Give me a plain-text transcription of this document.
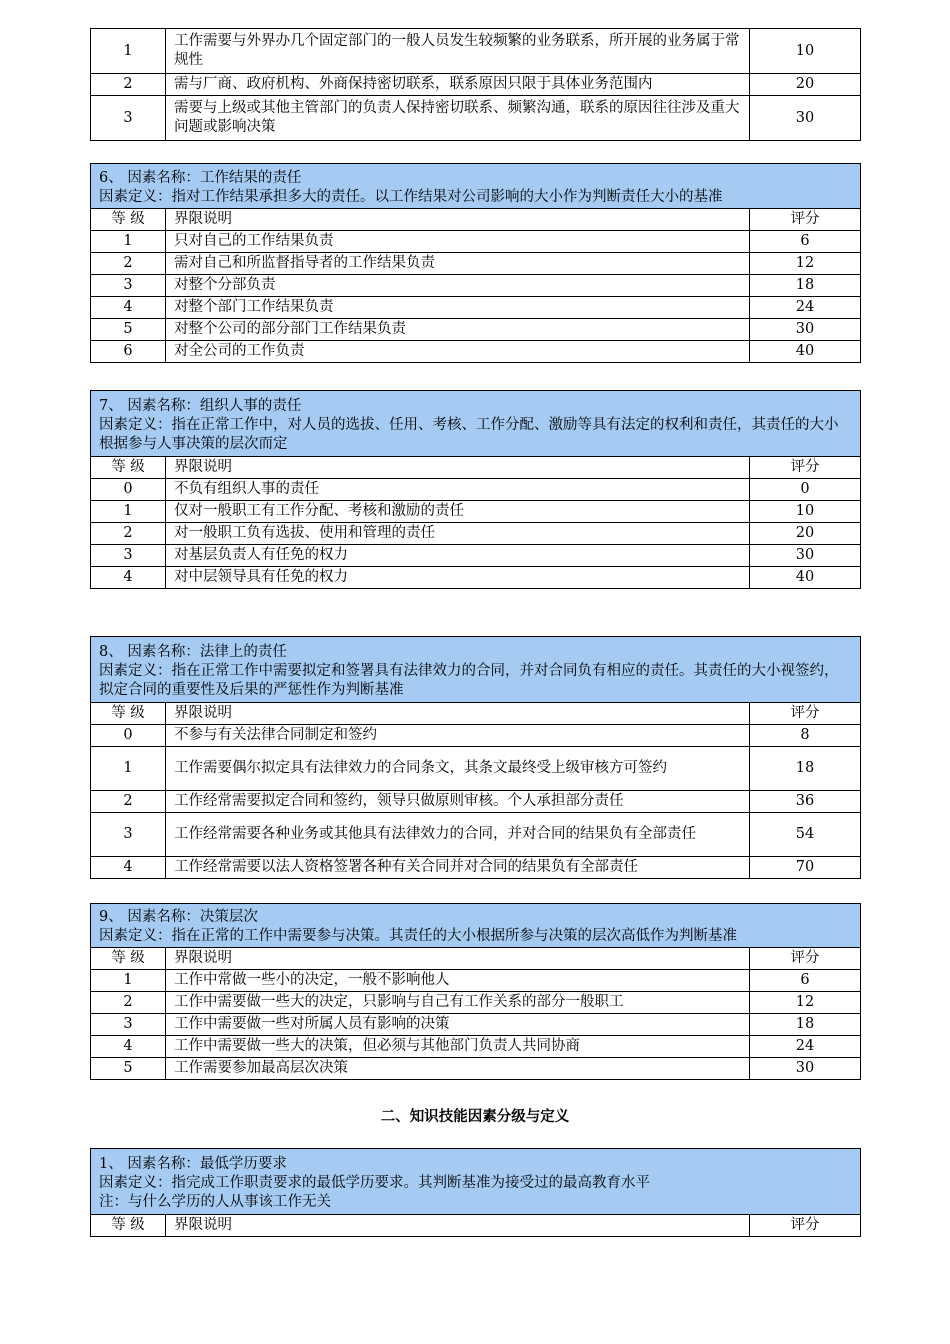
1	工作需要与外界办几个固定部门的一般人员发生较频繁的业务联系，所开展的业务属于常规性	10
2	需与厂商、政府机构、外商保持密切联系，联系原因只限于具体业务范围内	20
3	需要与上级或其他主管部门的负责人保持密切联系、频繁沟通，联系的原因往往涉及重大问题或影响决策	30
6、 因素名称：工作结果的责任
因素定义：指对工作结果承担多大的责任。以工作结果对公司影响的大小作为判断责任大小的基准		

等 级	界限说明	评分
1	只对自己的工作结果负责	6
2	需对自己和所监督指导者的工作结果负责	12
3	对整个分部负责	18
4	对整个部门工作结果负责	24
5	对整个公司的部分部门工作结果负责	30
6	对全公司的工作负责	40
7、 因素名称：组织人事的责任
因素定义：指在正常工作中，对人员的选拔、任用、考核、工作分配、激励等具有法定的权利和责任，其责任的大小根据参与人事决策的层次而定		

等 级	界限说明	评分
0	不负有组织人事的责任	0
1	仅对一般职工有工作分配、考核和激励的责任	10
2	对一般职工负有选拔、使用和管理的责任	20
3	对基层负责人有任免的权力	30
4	对中层领导具有任免的权力	40
8、 因素名称：法律上的责任
因素定义：指在正常工作中需要拟定和签署具有法律效力的合同，并对合同负有相应的责任。其责任的大小视签约，拟定合同的重要性及后果的严惩性作为判断基准		

等 级	界限说明	评分
0	不参与有关法律合同制定和签约	8
1	工作需要偶尔拟定具有法律效力的合同条文，其条文最终受上级审核方可签约	18
2	工作经常需要拟定合同和签约，领导只做原则审核。个人承担部分责任	36
3	工作经常需要各种业务或其他具有法律效力的合同，并对合同的结果负有全部责任	54
4	工作经常需要以法人资格签署各种有关合同并对合同的结果负有全部责任	70
9、 因素名称：决策层次
因素定义：指在正常的工作中需要参与决策。其责任的大小根据所参与决策的层次高低作为判断基准		

等 级	界限说明	评分
1	工作中常做一些小的决定，一般不影响他人	6
2	工作中需要做一些大的决定，只影响与自己有工作关系的部分一般职工	12
3	工作中需要做一些对所属人员有影响的决策	18
4	工作中需要做一些大的决策，但必须与其他部门负责人共同协商	24
5	工作需要参加最高层次决策	30
二、知识技能因素分级与定义
1、 因素名称：最低学历要求
因素定义：指完成工作职责要求的最低学历要求。其判断基准为接受过的最高教育水平
注：与什么学历的人从事该工作无关

等 级	界限说明	评分
